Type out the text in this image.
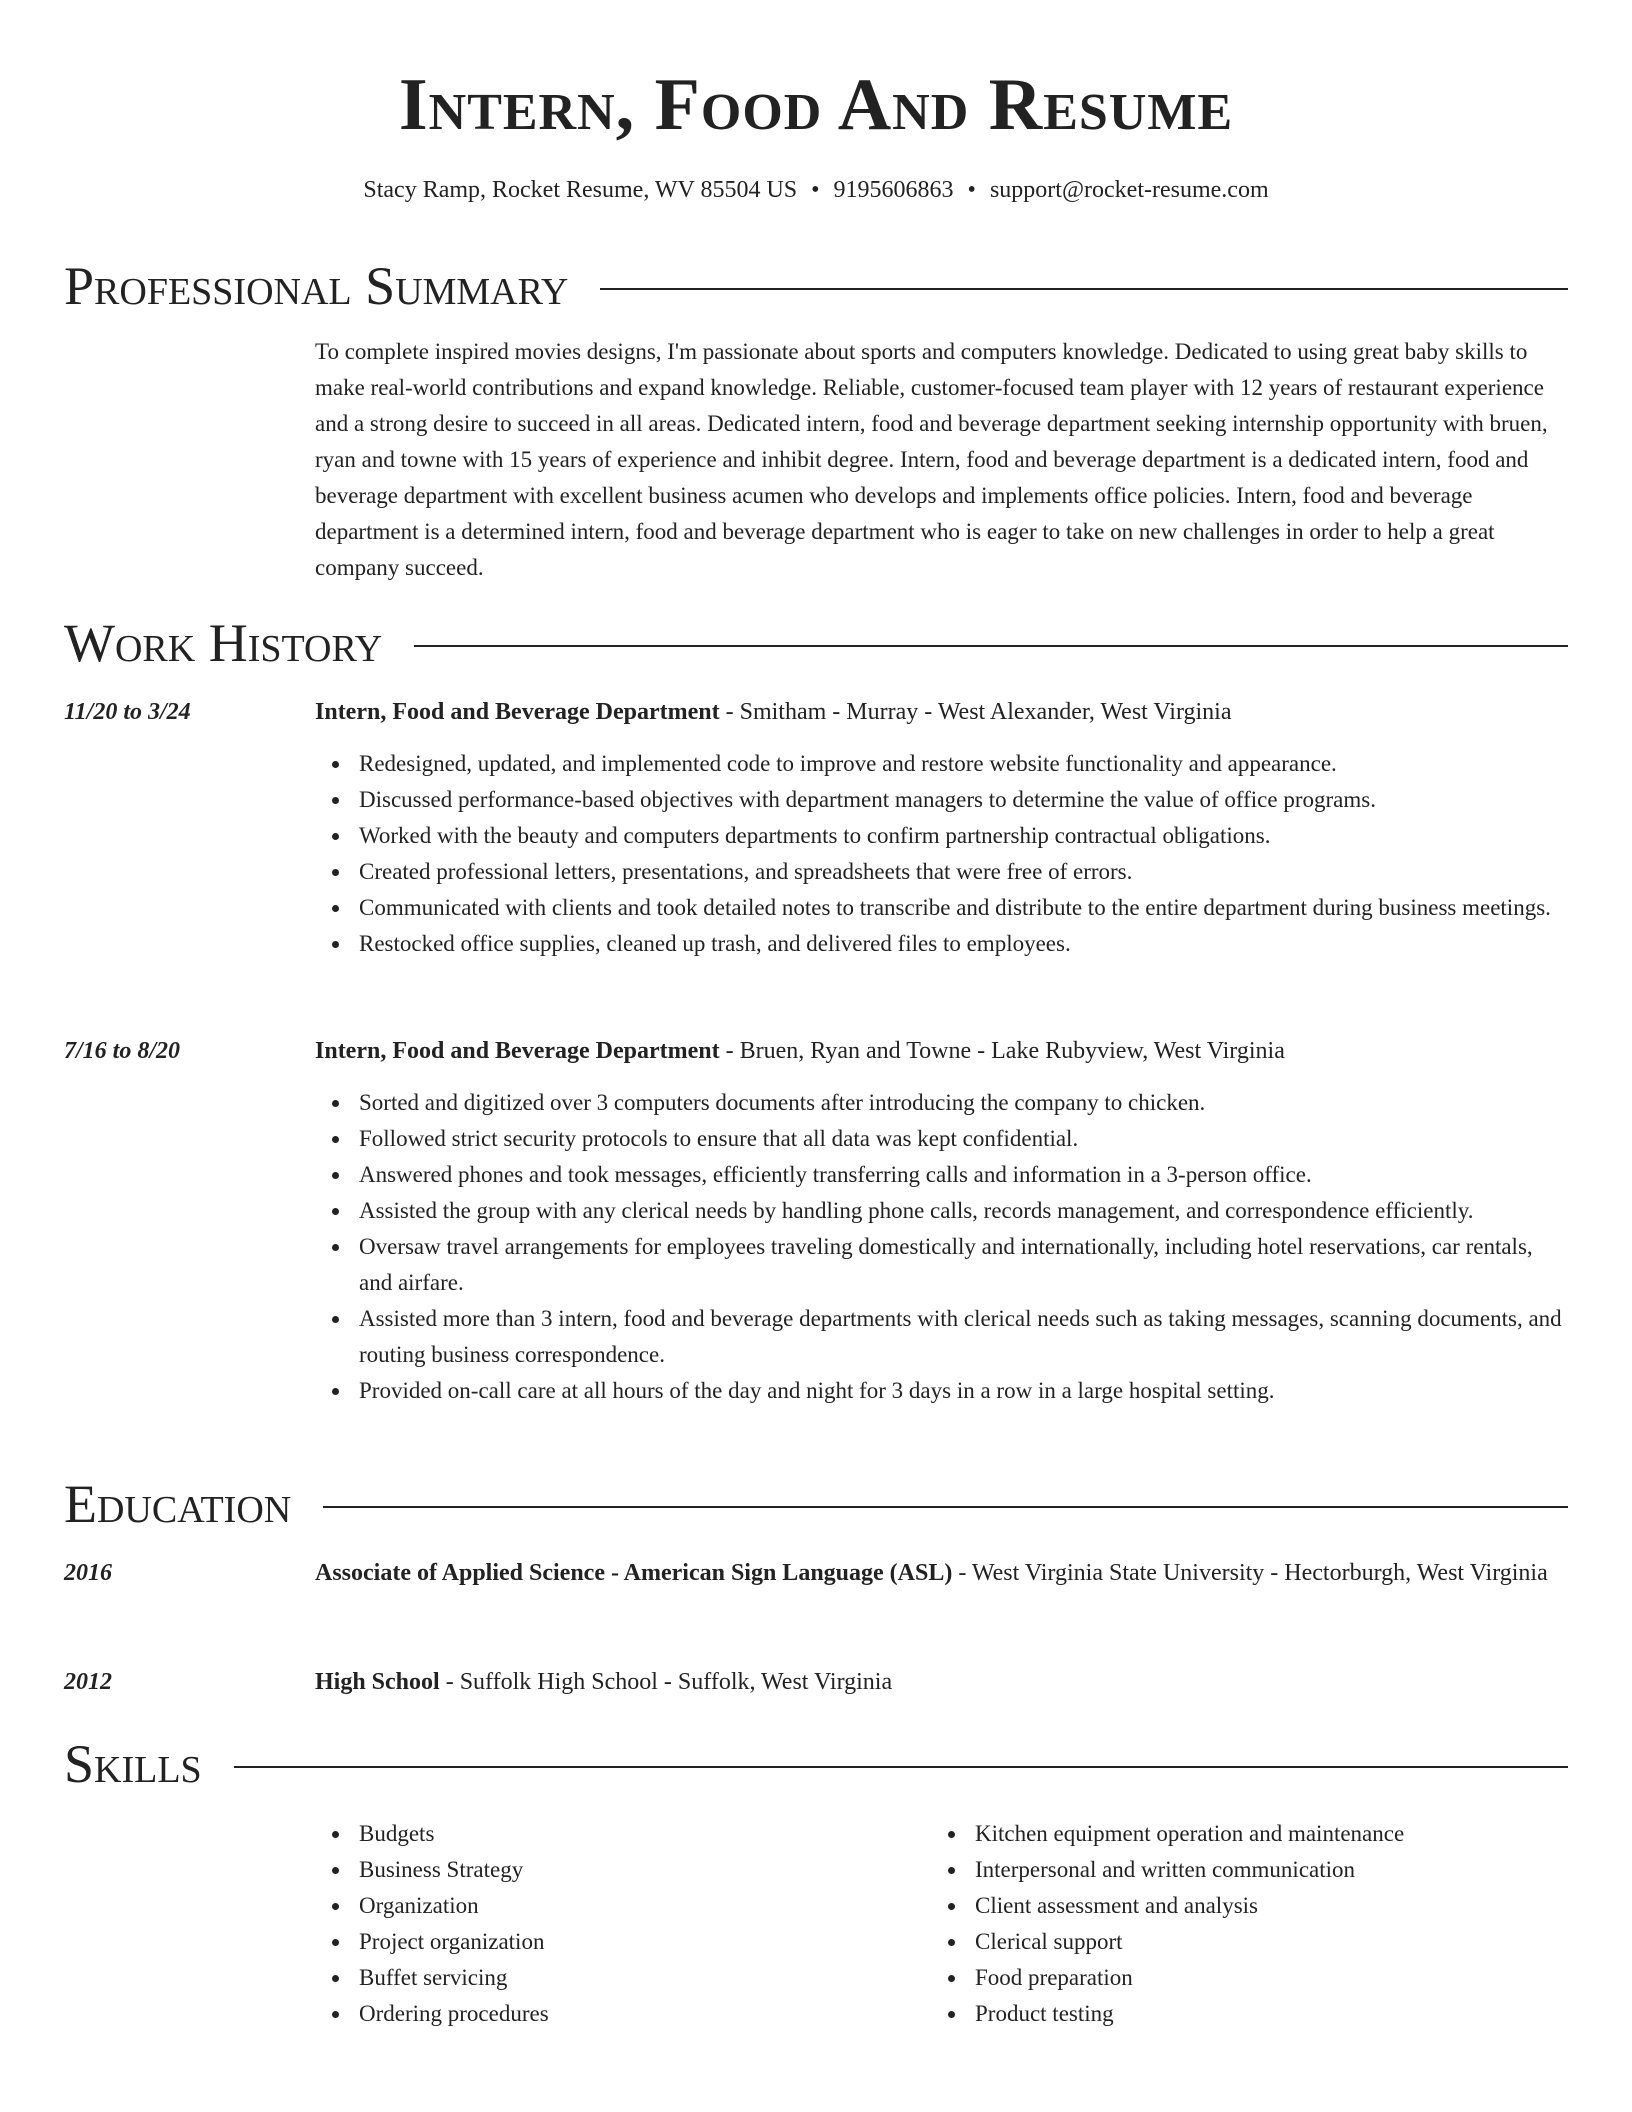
Intern, Food And Resume
Stacy Ramp, Rocket Resume, WV 85504 US • 9195606863 • support@rocket-resume.com
Professional Summary

To complete inspired movies designs, I'm passionate about sports and computers knowledge. Dedicated to using great baby skills to make real-world contributions and expand knowledge. Reliable, customer-focused team player with 12 years of restaurant experience and a strong desire to succeed in all areas. Dedicated intern, food and beverage department seeking internship opportunity with bruen, ryan and towne with 15 years of experience and inhibit degree. Intern, food and beverage department is a dedicated intern, food and beverage department with excellent business acumen who develops and implements office policies. Intern, food and beverage department is a determined intern, food and beverage department who is eager to take on new challenges in order to help a great company succeed.

Work History
11/20 to 3/24	Intern, Food and Beverage Department - Smitham - Murray - West Alexander, West Virginia
Redesigned, updated, and implemented code to improve and restore website functionality and appearance.
Discussed performance-based objectives with department managers to determine the value of office programs.
Worked with the beauty and computers departments to confirm partnership contractual obligations.
Created professional letters, presentations, and spreadsheets that were free of errors.
Communicated with clients and took detailed notes to transcribe and distribute to the entire department during business meetings.
Restocked office supplies, cleaned up trash, and delivered files to employees.
7/16 to 8/20	Intern, Food and Beverage Department - Bruen, Ryan and Towne - Lake Rubyview, West Virginia
Sorted and digitized over 3 computers documents after introducing the company to chicken.
Followed strict security protocols to ensure that all data was kept confidential.
Answered phones and took messages, efficiently transferring calls and information in a 3-person office.
Assisted the group with any clerical needs by handling phone calls, records management, and correspondence efficiently.
Oversaw travel arrangements for employees traveling domestically and internationally, including hotel reservations, car rentals, and airfare.
Assisted more than 3 intern, food and beverage departments with clerical needs such as taking messages, scanning documents, and routing business correspondence.
Provided on-call care at all hours of the day and night for 3 days in a row in a large hospital setting.
Education
2016	Associate of Applied Science - American Sign Language (ASL) - West Virginia State University - Hectorburgh, West Virginia
2012	High School - Suffolk High School - Suffolk, West Virginia
Skills
Budgets
Business Strategy
Organization
Project organization
Buffet servicing
Ordering procedures
Kitchen equipment operation and maintenance
Interpersonal and written communication
Client assessment and analysis
Clerical support
Food preparation
Product testing
